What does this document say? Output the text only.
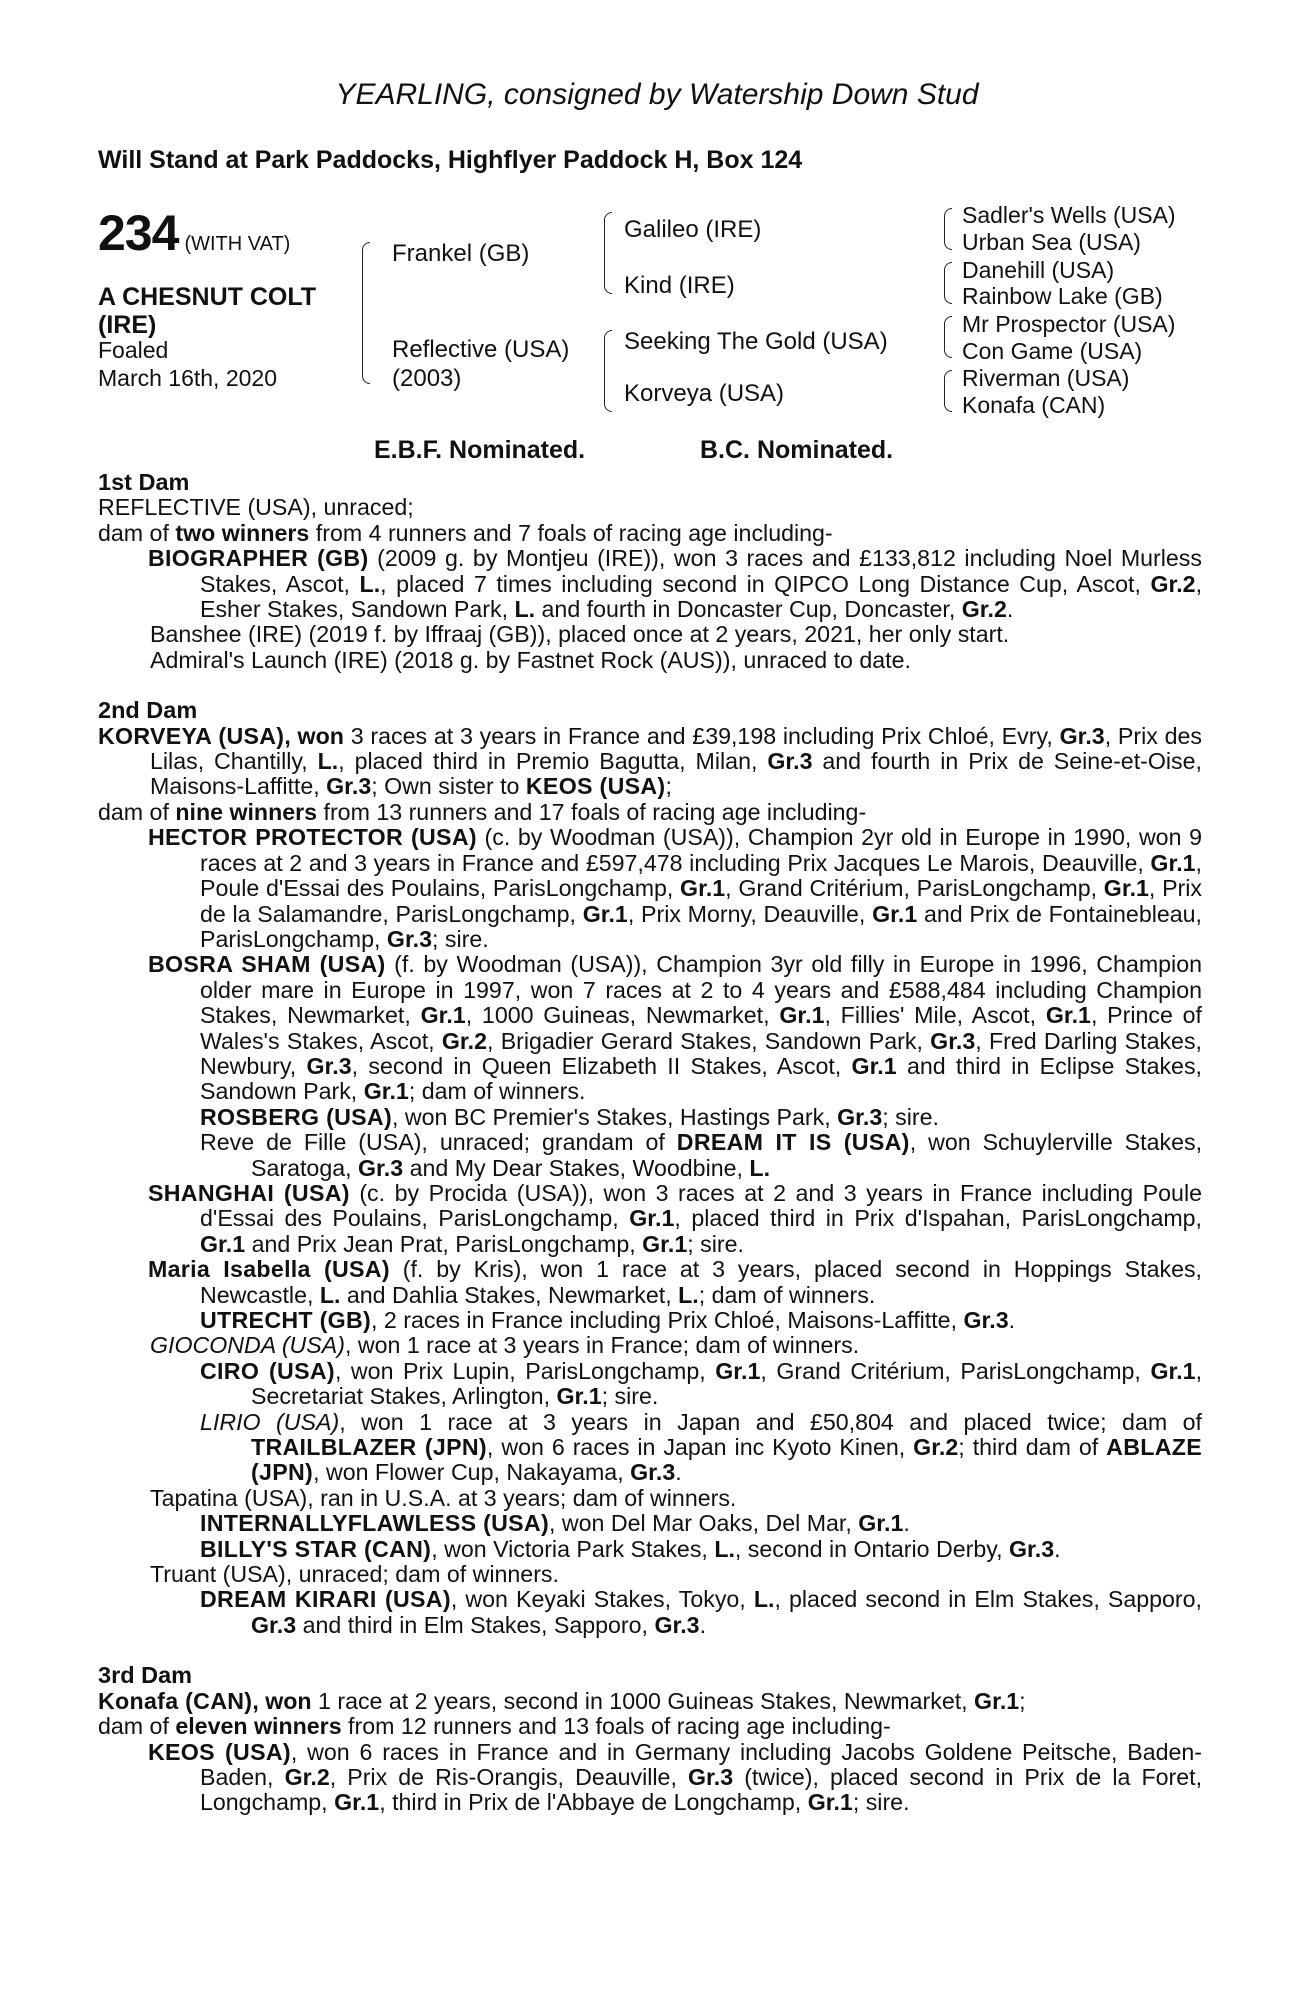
YEARLING, consigned by Watership Down Stud
Will Stand at Park Paddocks, Highflyer Paddock H, Box 124
234 (WITH VAT)
A CHESNUT COLT
(IRE)
Foaled
March 16th, 2020
Frankel (GB)
Reflective (USA)
(2003)
Galileo (IRE)
Kind (IRE)
Seeking The Gold (USA)
Korveya (USA)
Sadler's Wells (USA)
Urban Sea (USA)
Danehill (USA)
Rainbow Lake (GB)
Mr Prospector (USA)
Con Game (USA)
Riverman (USA)
Konafa (CAN)
E.B.F. Nominated.	B.C. Nominated.

1st Dam

REFLECTIVE (USA), unraced;

dam of two winners from 4 runners and 7 foals of racing age including-

BIOGRAPHER (GB) (2009 g. by Montjeu (IRE)), won 3 races and £133,812 including Noel Murless Stakes, Ascot, L., placed 7 times including second in QIPCO Long Distance Cup, Ascot, Gr.2, Esher Stakes, Sandown Park, L. and fourth in Doncaster Cup, Doncaster, Gr.2.

Banshee (IRE) (2019 f. by Iffraaj (GB)), placed once at 2 years, 2021, her only start.

Admiral's Launch (IRE) (2018 g. by Fastnet Rock (AUS)), unraced to date.

2nd Dam

KORVEYA (USA), won 3 races at 3 years in France and £39,198 including Prix Chloé, Evry, Gr.3, Prix des Lilas, Chantilly, L., placed third in Premio Bagutta, Milan, Gr.3 and fourth in Prix de Seine-et-Oise, Maisons-Laffitte, Gr.3; Own sister to KEOS (USA);

dam of nine winners from 13 runners and 17 foals of racing age including-

HECTOR PROTECTOR (USA) (c. by Woodman (USA)), Champion 2yr old in Europe in 1990, won 9 races at 2 and 3 years in France and £597,478 including Prix Jacques Le Marois, Deauville, Gr.1, Poule d'Essai des Poulains, ParisLongchamp, Gr.1, Grand Critérium, ParisLongchamp, Gr.1, Prix de la Salamandre, ParisLongchamp, Gr.1, Prix Morny, Deauville, Gr.1 and Prix de Fontainebleau, ParisLongchamp, Gr.3; sire.

BOSRA SHAM (USA) (f. by Woodman (USA)), Champion 3yr old filly in Europe in 1996, Champion older mare in Europe in 1997, won 7 races at 2 to 4 years and £588,484 including Champion Stakes, Newmarket, Gr.1, 1000 Guineas, Newmarket, Gr.1, Fillies' Mile, Ascot, Gr.1, Prince of Wales's Stakes, Ascot, Gr.2, Brigadier Gerard Stakes, Sandown Park, Gr.3, Fred Darling Stakes, Newbury, Gr.3, second in Queen Elizabeth II Stakes, Ascot, Gr.1 and third in Eclipse Stakes, Sandown Park, Gr.1; dam of winners.

ROSBERG (USA), won BC Premier's Stakes, Hastings Park, Gr.3; sire.

Reve de Fille (USA), unraced; grandam of DREAM IT IS (USA), won Schuylerville Stakes, Saratoga, Gr.3 and My Dear Stakes, Woodbine, L.

SHANGHAI (USA) (c. by Procida (USA)), won 3 races at 2 and 3 years in France including Poule d'Essai des Poulains, ParisLongchamp, Gr.1, placed third in Prix d'Ispahan, ParisLongchamp, Gr.1 and Prix Jean Prat, ParisLongchamp, Gr.1; sire.

Maria Isabella (USA) (f. by Kris), won 1 race at 3 years, placed second in Hoppings Stakes, Newcastle, L. and Dahlia Stakes, Newmarket, L.; dam of winners.

UTRECHT (GB), 2 races in France including Prix Chloé, Maisons-Laffitte, Gr.3.

GIOCONDA (USA), won 1 race at 3 years in France; dam of winners.

CIRO (USA), won Prix Lupin, ParisLongchamp, Gr.1, Grand Critérium, ParisLongchamp, Gr.1, Secretariat Stakes, Arlington, Gr.1; sire.

LIRIO (USA), won 1 race at 3 years in Japan and £50,804 and placed twice; dam of TRAILBLAZER (JPN), won 6 races in Japan inc Kyoto Kinen, Gr.2; third dam of ABLAZE (JPN), won Flower Cup, Nakayama, Gr.3.

Tapatina (USA), ran in U.S.A. at 3 years; dam of winners.

INTERNALLYFLAWLESS (USA), won Del Mar Oaks, Del Mar, Gr.1.

BILLY'S STAR (CAN), won Victoria Park Stakes, L., second in Ontario Derby, Gr.3.

Truant (USA), unraced; dam of winners.

DREAM KIRARI (USA), won Keyaki Stakes, Tokyo, L., placed second in Elm Stakes, Sapporo, Gr.3 and third in Elm Stakes, Sapporo, Gr.3.

3rd Dam

Konafa (CAN), won 1 race at 2 years, second in 1000 Guineas Stakes, Newmarket, Gr.1;

dam of eleven winners from 12 runners and 13 foals of racing age including-

KEOS (USA), won 6 races in France and in Germany including Jacobs Goldene Peitsche, Baden-Baden, Gr.2, Prix de Ris-Orangis, Deauville, Gr.3 (twice), placed second in Prix de la Foret, Longchamp, Gr.1, third in Prix de l'Abbaye de Longchamp, Gr.1; sire.
